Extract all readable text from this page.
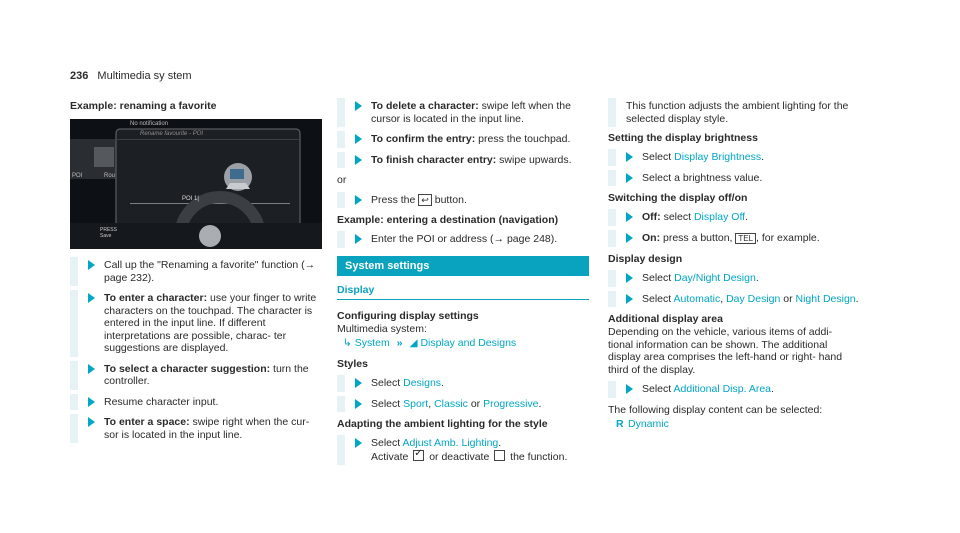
236 Multimedia sy stem
Example: renaming a favorite
Rename favourite - POI
POI	Rou
POI 1|
No notification
PRESS
Save
Call up the "Renaming a favorite" function (→ page 232).
To enter a character: use your finger to write characters on the touchpad. The character is entered in the input line. If different interpretations are possible, charac- ter suggestions are displayed.
To select a character suggestion: turn the controller.
Resume character input.
To enter a space: swipe right when the cur- sor is located in the input line.
To delete a character: swipe left when the cursor is located in the input line.
To confirm the entry: press the touchpad.
To finish character entry: swipe upwards.
or
Press the ↩ button.
Example: entering a destination (navigation)
Enter the POI or address (→ page 248).
System settings
Display
Configuring display settings
Multimedia system:
↳ System » ◢ Display and Designs
Styles
Select Designs.
Select Sport, Classic or Progressive.
Adapting the ambient lighting for the style
Select Adjust Amb. Lighting.
Activate ✓ or deactivate  the function.
This function adjusts the ambient lighting for the selected display style.
Setting the display brightness
Select Display Brightness.
Select a brightness value.
Switching the display off/on
Off: select Display Off.
On: press a button, TEL , for example.
Display design
Select Day/Night Design.
Select Automatic, Day Design or Night Design.
Additional display area
Depending on the vehicle, various items of addi- tional information can be shown. The additional display area comprises the left-hand or right- hand third of the display.
Select Additional Disp. Area.
The following display content can be selected:
R Dynamic
